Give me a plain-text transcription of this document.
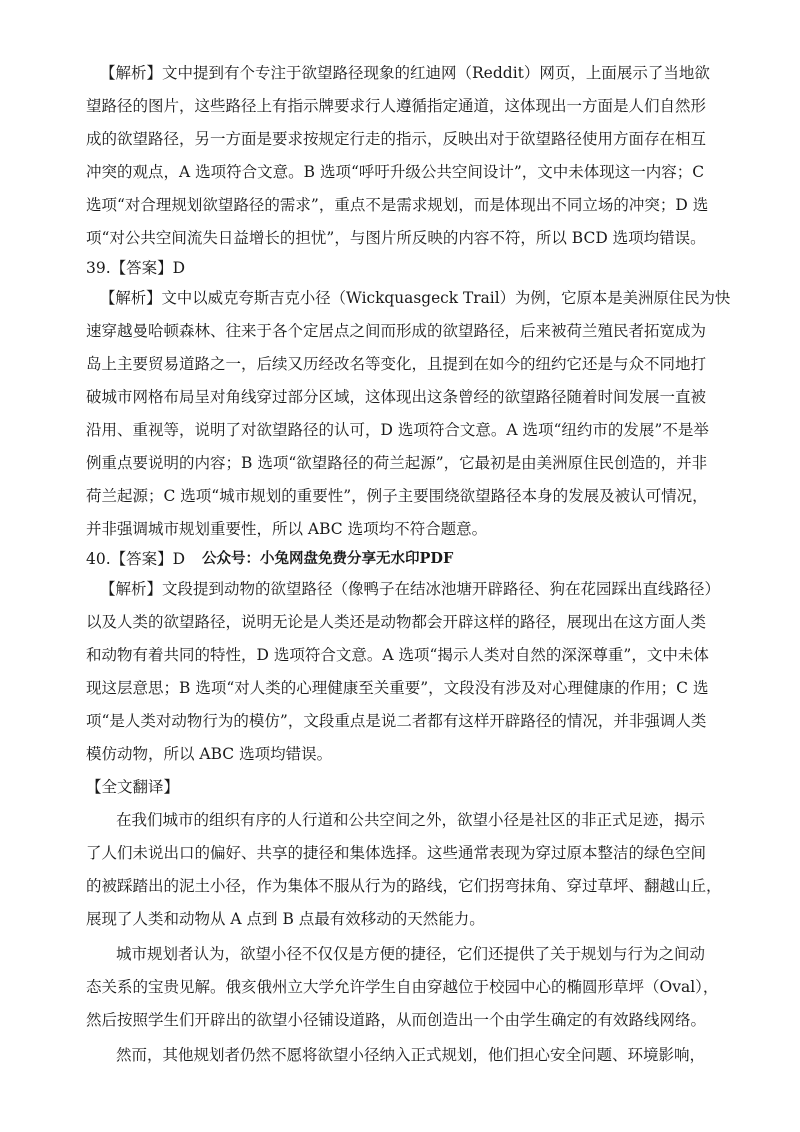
【解析】文中提到有个专注于欲望路径现象的红迪网（Reddit）网页，上面展示了当地欲
望路径的图片，这些路径上有指示牌要求行人遵循指定通道，这体现出一方面是人们自然形
成的欲望路径，另一方面是要求按规定行走的指示，反映出对于欲望路径使用方面存在相互
冲突的观点，A 选项符合文意。B 选项“呼吁升级公共空间设计”，文中未体现这一内容；C
选项“对合理规划欲望路径的需求”，重点不是需求规划，而是体现出不同立场的冲突；D 选
项“对公共空间流失日益增长的担忧”，与图片所反映的内容不符，所以 BCD 选项均错误。
39.【答案】D
【解析】文中以威克夸斯吉克小径（Wickquasgeck Trail）为例，它原本是美洲原住民为快
速穿越曼哈顿森林、往来于各个定居点之间而形成的欲望路径，后来被荷兰殖民者拓宽成为
岛上主要贸易道路之一，后续又历经改名等变化，且提到在如今的纽约它还是与众不同地打
破城市网格布局呈对角线穿过部分区域，这体现出这条曾经的欲望路径随着时间发展一直被
沿用、重视等，说明了对欲望路径的认可，D 选项符合文意。A 选项“纽约市的发展”不是举
例重点要说明的内容；B 选项“欲望路径的荷兰起源”，它最初是由美洲原住民创造的，并非
荷兰起源；C 选项“城市规划的重要性”，例子主要围绕欲望路径本身的发展及被认可情况，
并非强调城市规划重要性，所以 ABC 选项均不符合题意。
40.【答案】D 公众号：小兔网盘免费分享无水印PDF
【解析】文段提到动物的欲望路径（像鸭子在结冰池塘开辟路径、狗在花园踩出直线路径）
以及人类的欲望路径，说明无论是人类还是动物都会开辟这样的路径，展现出在这方面人类
和动物有着共同的特性，D 选项符合文意。A 选项“揭示人类对自然的深深尊重”，文中未体
现这层意思；B 选项“对人类的心理健康至关重要”，文段没有涉及对心理健康的作用；C 选
项“是人类对动物行为的模仿”，文段重点是说二者都有这样开辟路径的情况，并非强调人类
模仿动物，所以 ABC 选项均错误。
【全文翻译】
在我们城市的组织有序的人行道和公共空间之外，欲望小径是社区的非正式足迹，揭示
了人们未说出口的偏好、共享的捷径和集体选择。这些通常表现为穿过原本整洁的绿色空间
的被踩踏出的泥土小径，作为集体不服从行为的路线，它们拐弯抹角、穿过草坪、翻越山丘，
展现了人类和动物从 A 点到 B 点最有效移动的天然能力。
城市规划者认为，欲望小径不仅仅是方便的捷径，它们还提供了关于规划与行为之间动
态关系的宝贵见解。俄亥俄州立大学允许学生自由穿越位于校园中心的椭圆形草坪（Oval），
然后按照学生们开辟出的欲望小径铺设道路，从而创造出一个由学生确定的有效路线网络。
然而，其他规划者仍然不愿将欲望小径纳入正式规划，他们担心安全问题、环境影响，
